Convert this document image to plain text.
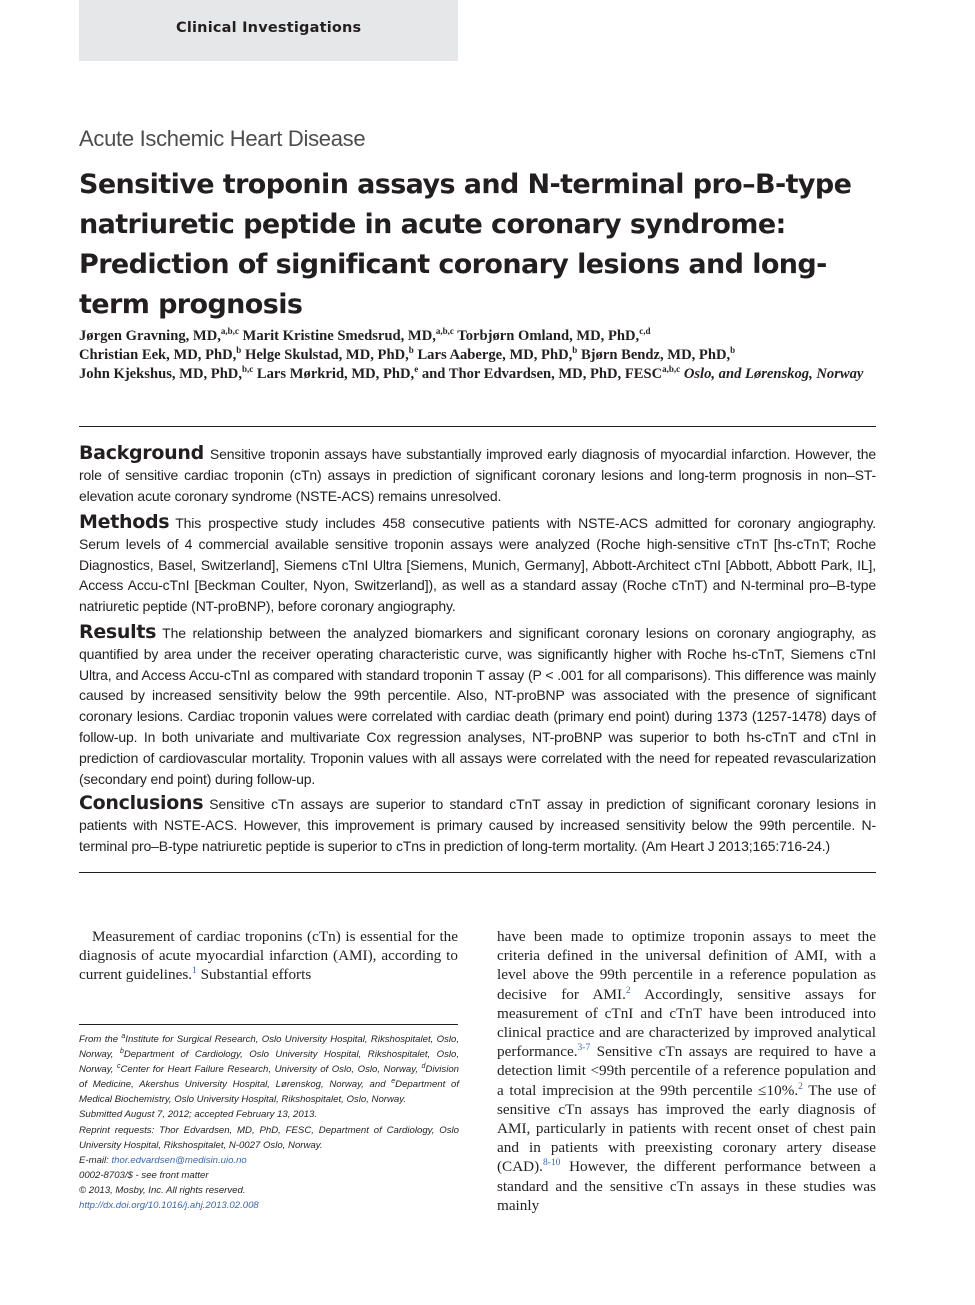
Clinical Investigations
Acute Ischemic Heart Disease
Sensitive troponin assays and N-terminal pro–B-type natriuretic peptide in acute coronary syndrome: Prediction of significant coronary lesions and long-term prognosis
Jørgen Gravning, MD,$^{a,b,c}$ Marit Kristine Smedsrud, MD,$^{a,b,c}$ Torbjørn Omland, MD, PhD,$^{c,d}$
Christian Eek, MD, PhD,$^b$ Helge Skulstad, MD, PhD,$^b$ Lars Aaberge, MD, PhD,$^b$ Bjørn Bendz, MD, PhD,$^b$
John Kjekshus, MD, PhD,$^{b,c}$ Lars Mørkrid, MD, PhD,$^e$ and Thor Edvardsen, MD, PhD, FESC$^{a,b,c}$ Oslo, and Lørenskog, Norway
Background Sensitive troponin assays have substantially improved early diagnosis of myocardial infarction. However, the role of sensitive cardiac troponin (cTn) assays in prediction of significant coronary lesions and long-term prognosis in non–ST-elevation acute coronary syndrome (NSTE-ACS) remains unresolved.
Methods This prospective study includes 458 consecutive patients with NSTE-ACS admitted for coronary angiography. Serum levels of 4 commercial available sensitive troponin assays were analyzed (Roche high-sensitive cTnT [hs-cTnT; Roche Diagnostics, Basel, Switzerland], Siemens cTnI Ultra [Siemens, Munich, Germany], Abbott-Architect cTnI [Abbott, Abbott Park, IL], Access Accu-cTnI [Beckman Coulter, Nyon, Switzerland]), as well as a standard assay (Roche cTnT) and N-terminal pro–B-type natriuretic peptide (NT-proBNP), before coronary angiography.
Results The relationship between the analyzed biomarkers and significant coronary lesions on coronary angiography, as quantified by area under the receiver operating characteristic curve, was significantly higher with Roche hs-cTnT, Siemens cTnI Ultra, and Access Accu-cTnI as compared with standard troponin T assay (P < .001 for all comparisons). This difference was mainly caused by increased sensitivity below the 99th percentile. Also, NT-proBNP was associated with the presence of significant coronary lesions. Cardiac troponin values were correlated with cardiac death (primary end point) during 1373 (1257-1478) days of follow-up. In both univariate and multivariate Cox regression analyses, NT-proBNP was superior to both hs-cTnT and cTnI in prediction of cardiovascular mortality. Troponin values with all assays were correlated with the need for repeated revascularization (secondary end point) during follow-up.
Conclusions Sensitive cTn assays are superior to standard cTnT assay in prediction of significant coronary lesions in patients with NSTE-ACS. However, this improvement is primary caused by increased sensitivity below the 99th percentile. N-terminal pro–B-type natriuretic peptide is superior to cTns in prediction of long-term mortality. (Am Heart J 2013;165:716-24.)
Measurement of cardiac troponins (cTn) is essential for the diagnosis of acute myocardial infarction (AMI), according to current guidelines.$^1$ Substantial efforts
From the $^a$Institute for Surgical Research, Oslo University Hospital, Rikshospitalet, Oslo, Norway, $^b$Department of Cardiology, Oslo University Hospital, Rikshospitalet, Oslo, Norway, $^c$Center for Heart Failure Research, University of Oslo, Oslo, Norway, $^d$Division of Medicine, Akershus University Hospital, Lørenskog, Norway, and $^e$Department of Medical Biochemistry, Oslo University Hospital, Rikshospitalet, Oslo, Norway.
Submitted August 7, 2012; accepted February 13, 2013.
Reprint requests: Thor Edvardsen, MD, PhD, FESC, Department of Cardiology, Oslo University Hospital, Rikshospitalet, N-0027 Oslo, Norway.
E-mail: thor.edvardsen@medisin.uio.no
0002-8703/$ - see front matter
© 2013, Mosby, Inc. All rights reserved.
http://dx.doi.org/10.1016/j.ahj.2013.02.008
have been made to optimize troponin assays to meet the criteria defined in the universal definition of AMI, with a level above the 99th percentile in a reference population as decisive for AMI.$^2$ Accordingly, sensitive assays for measurement of cTnI and cTnT have been introduced into clinical practice and are characterized by improved analytical performance.$^{3-7}$ Sensitive cTn assays are required to have a detection limit <99th percentile of a reference population and a total imprecision at the 99th percentile ≤10%.$^2$ The use of sensitive cTn assays has improved the early diagnosis of AMI, particularly in patients with recent onset of chest pain and in patients with preexisting coronary artery disease (CAD).$^{8-10}$ However, the different performance between a standard and the sensitive cTn assays in these studies was mainly
